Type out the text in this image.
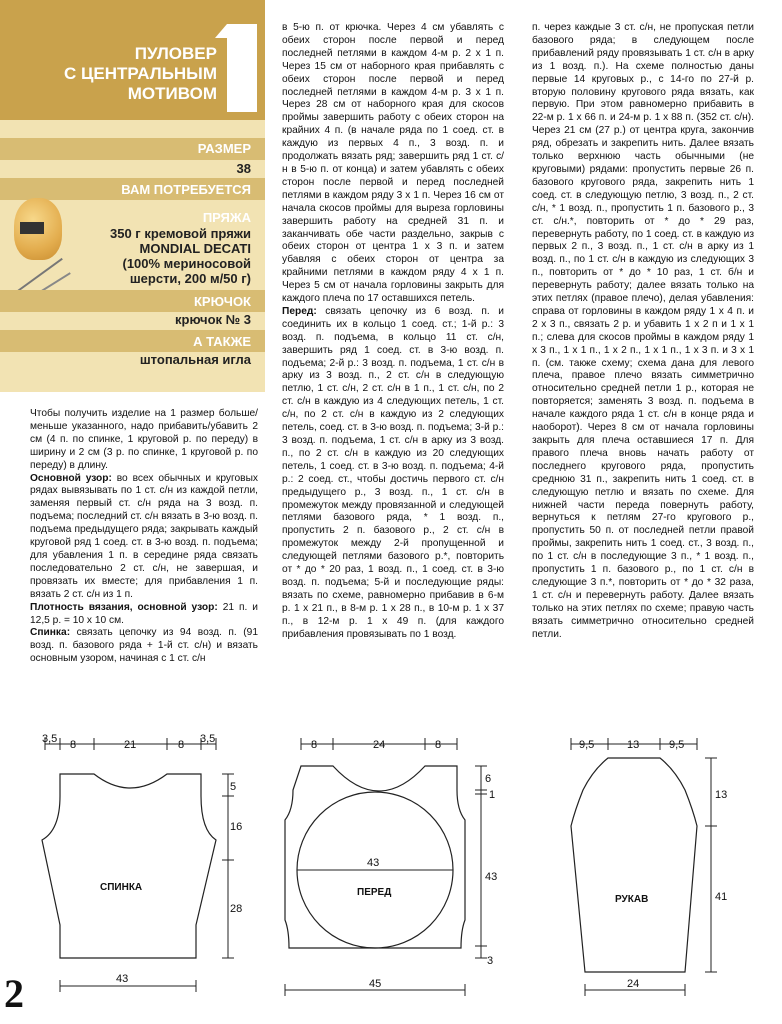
ПУЛОВЕР
С ЦЕНТРАЛЬНЫМ
МОТИВОМ
РАЗМЕР
38
ВАМ ПОТРЕБУЕТСЯ
ПРЯЖА
350 г кремовой пряжи
MONDIAL DECATI
(100% мериносовой
шерсти, 200 м/50 г)
КРЮЧОК
крючок № 3
А ТАКЖЕ
штопальная игла

Чтобы получить изделие на 1 размер больше/меньше указанного, надо прибавить/убавить 2 см (4 п. по спинке, 1 круговой р. по переду) в ширину и 2 см (3 р. по спинке, 1 круговой р. по переду) в длину.

Основной узор: во всех обычных и круговых рядах вывязывать по 1 ст. с/н из каждой петли, заменяя первый ст. с/н ряда на 3 возд. п. подъема; последний ст. с/н вязать в 3-ю возд. п. подъема предыдущего ряда; закрывать каждый круговой ряд 1 соед. ст. в 3-ю возд. п. подъема; для убавления 1 п. в середине ряда связать последовательно 2 ст. с/н, не завершая, и провязать их вместе; для прибавления 1 п. вязать 2 ст. с/н из 1 п.

Плотность вязания, основной узор: 21 п. и 12,5 р. = 10 х 10 см.

Спинка: связать цепочку из 94 возд. п. (91 возд. п. базового ряда + 1-й ст. с/н) и вязать основным узором, начиная с 1 ст. с/н

в 5-ю п. от крючка. Через 4 см убавлять с обеих сторон после первой и перед последней петлями в каждом 4-м р. 2 х 1 п. Через 15 см от наборного края прибавлять с обеих сторон после первой и перед последней петлями в каждом 4-м р. 3 х 1 п. Через 28 см от наборного края для скосов проймы завершить работу с обеих сторон на крайних 4 п. (в начале ряда по 1 соед. ст. в каждую из первых 4 п., 3 возд. п. и продолжать вязать ряд; завершить ряд 1 ст. с/н в 5-ю п. от конца) и затем убавлять с обеих сторон после первой и перед последней петлями в каждом ряду 3 х 1 п. Через 16 см от начала скосов проймы для выреза горловины завершить работу на средней 31 п. и заканчивать обе части раздельно, закрыв с обеих сторон от центра 1 х 3 п. и затем убавляя с обеих сторон от центра за крайними петлями в каждом ряду 4 х 1 п. Через 5 см от начала горловины закрыть для каждого плеча по 17 оставшихся петель.

Перед: связать цепочку из 6 возд. п. и соединить их в кольцо 1 соед. ст.; 1-й р.: 3 возд. п. подъема, в кольцо 11 ст. с/н, завершить ряд 1 соед. ст. в 3-ю возд. п. подъема; 2-й р.: 3 возд. п. подъема, 1 ст. с/н в арку из 3 возд. п., 2 ст. с/н в следующую петлю, 1 ст. с/н, 2 ст. с/н в 1 п., 1 ст. с/н, по 2 ст. с/н в каждую из 4 следующих петель, 1 ст. с/н, по 2 ст. с/н в каждую из 2 следующих петель, соед. ст. в 3-ю возд. п. подъема; 3-й р.: 3 возд. п. подъема, 1 ст. с/н в арку из 3 возд. п., по 2 ст. с/н в каждую из 20 следующих петель, 1 соед. ст. в 3-ю возд. п. подъема; 4-й р.: 2 соед. ст., чтобы достичь первого ст. с/н предыдущего р., 3 возд. п., 1 ст. с/н в промежуток между провязанной и следующей петлями базового ряда, * 1 возд. п., пропустить 2 п. базового р., 2 ст. с/н в промежуток между 2-й пропущенной и следующей петлями базового р.*, повторить от * до * 20 раз, 1 возд. п., 1 соед. ст. в 3-ю возд. п. подъема; 5-й и последующие ряды: вязать по схеме, равномерно прибавив в 6-м р. 1 х 21 п., в 8-м р. 1 х 28 п., в 10-м р. 1 х 37 п., в 12-м р. 1 х 49 п. (для каждого прибавления провязывать по 1 возд.

п. через каждые 3 ст. с/н, не пропуская петли базового ряда; в следующем после прибавлений ряду провязывать 1 ст. с/н в арку из 1 возд. п.). На схеме полностью даны первые 14 круговых р., с 14-го по 27-й р. вторую половину кругового ряда вязать, как первую. При этом равномерно прибавить в 22-м р. 1 х 66 п. и 24-м р. 1 х 88 п. (352 ст. с/н). Через 21 см (27 р.) от центра круга, закончив ряд, обрезать и закрепить нить. Далее вязать только верхнюю часть обычными (не круговыми) рядами: пропустить первые 26 п. базового кругового ряда, закрепить нить 1 соед. ст. в следующую петлю, 3 возд. п., 2 ст. с/н, * 1 возд. п., пропустить 1 п. базового р., 3 ст. с/н.*, повторить от * до * 29 раз, перевернуть работу, по 1 соед. ст. в каждую из первых 2 п., 3 возд. п., 1 ст. с/н в арку из 1 возд. п., по 1 ст. с/н в каждую из следующих 3 п., повторить от * до * 10 раз, 1 ст. б/н и перевернуть работу; далее вязать только на этих петлях (правое плечо), делая убавления: справа от горловины в каждом ряду 1 х 4 п. и 2 х 3 п., связать 2 р. и убавить 1 х 2 п и 1 х 1 п.; слева для скосов проймы в каждом ряду 1 х 3 п., 1 х 1 п., 1 х 2 п., 1 х 1 п., 1 х 3 п. и 3 х 1 п. (см. также схему; схема дана для левого плеча, правое плечо вязать симметрично относительно средней петли 1 р., которая не повторяется; заменять 3 возд. п. подъема в начале каждого ряда 1 ст. с/н в конце ряда и наоборот). Через 8 см от начала горловины закрыть для плеча оставшиеся 17 п. Для правого плеча вновь начать работу от последнего кругового ряда, пропустить среднюю 31 п., закрепить нить 1 соед. ст. в следующую петлю и вязать по схеме. Для нижней части переда повернуть работу, вернуться к петлям 27-го кругового р., пропустить 50 п. от последней петли правой проймы, закрепить нить 1 соед. ст., 3 возд. п., по 1 ст. с/н в последующие 3 п., * 1 возд. п., пропустить 1 п. базового р., по 1 ст. с/н в следующие 3 п.*, повторить от * до * 32 раза, 1 ст. с/н и перевернуть работу. Далее вязать только на этих петлях по схеме; правую часть вязать симметрично относительно средней петли.

3,5 8	21	8 3,5
5
16
28
43
СПИНКА
8	24	8
6
1
43
3
43
45
ПЕРЕД
9,5	13	9,5
13
41
24
РУКАВ
2
